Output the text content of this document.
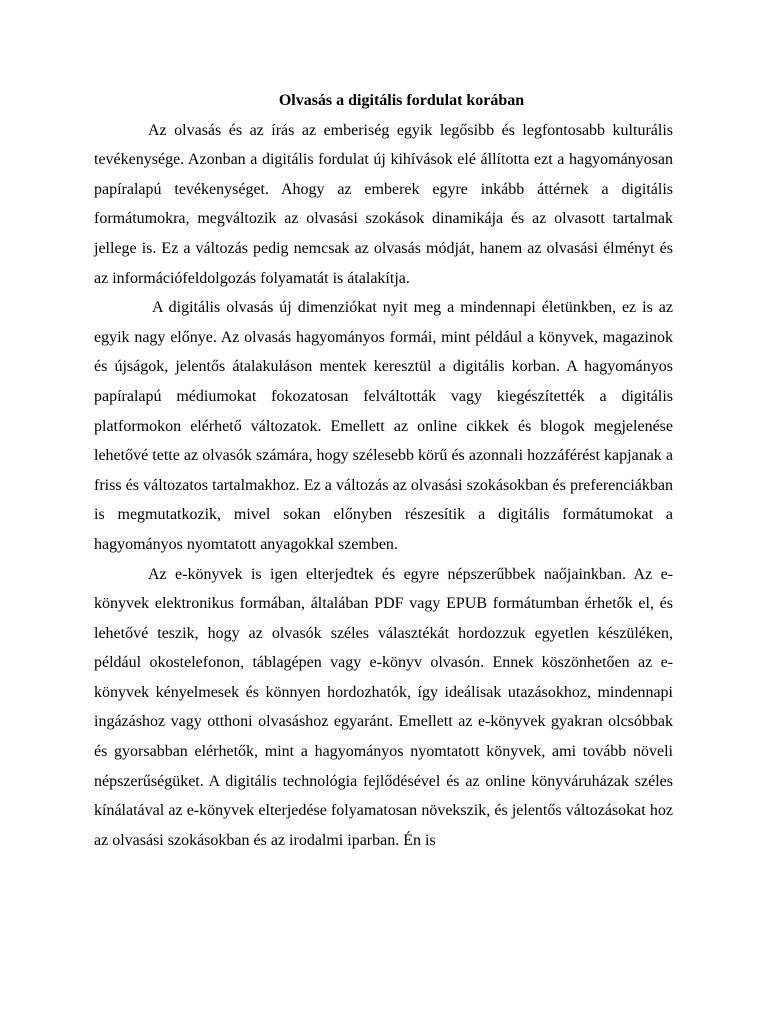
Olvasás a digitális fordulat korában

Az olvasás és az írás az emberiség egyik legősibb és legfontosabb kulturális tevékenysége. Azonban a digitális fordulat új kihívások elé állította ezt a hagyományosan papíralapú tevékenységet. Ahogy az emberek egyre inkább áttérnek a digitális formátumokra, megváltozik az olvasási szokások dinamikája és az olvasott tartalmak jellege is. Ez a változás pedig nemcsak az olvasás módját, hanem az olvasási élményt és az információfeldolgozás folyamatát is átalakítja.

A digitális olvasás új dimenziókat nyit meg a mindennapi életünkben, ez is az egyik nagy előnye. Az olvasás hagyományos formái, mint például a könyvek, magazinok és újságok, jelentős átalakuláson mentek keresztül a digitális korban. A hagyományos papíralapú médiumokat fokozatosan felváltották vagy kiegészítették a digitális platformokon elérhető változatok. Emellett az online cikkek és blogok megjelenése lehetővé tette az olvasók számára, hogy szélesebb körű és azonnali hozzáférést kapjanak a friss és változatos tartalmakhoz. Ez a változás az olvasási szokásokban és preferenciákban is megmutatkozik, mivel sokan előnyben részesítik a digitális formátumokat a hagyományos nyomtatott anyagokkal szemben.

Az e-könyvek is igen elterjedtek és egyre népszerűbbek naőjainkban. Az e-könyvek elektronikus formában, általában PDF vagy EPUB formátumban érhetők el, és lehetővé teszik, hogy az olvasók széles választékát hordozzuk egyetlen készüléken, például okostelefonon, táblagépen vagy e-könyv olvasón. Ennek köszönhetően az e-könyvek kényelmesek és könnyen hordozhatók, így ideálisak utazásokhoz, mindennapi ingázáshoz vagy otthoni olvasáshoz egyaránt. Emellett az e-könyvek gyakran olcsóbbak és gyorsabban elérhetők, mint a hagyományos nyomtatott könyvek, ami tovább növeli népszerűségüket. A digitális technológia fejlődésével és az online könyváruházak széles kínálatával az e-könyvek elterjedése folyamatosan növekszik, és jelentős változásokat hoz az olvasási szokásokban és az irodalmi iparban. Én is
